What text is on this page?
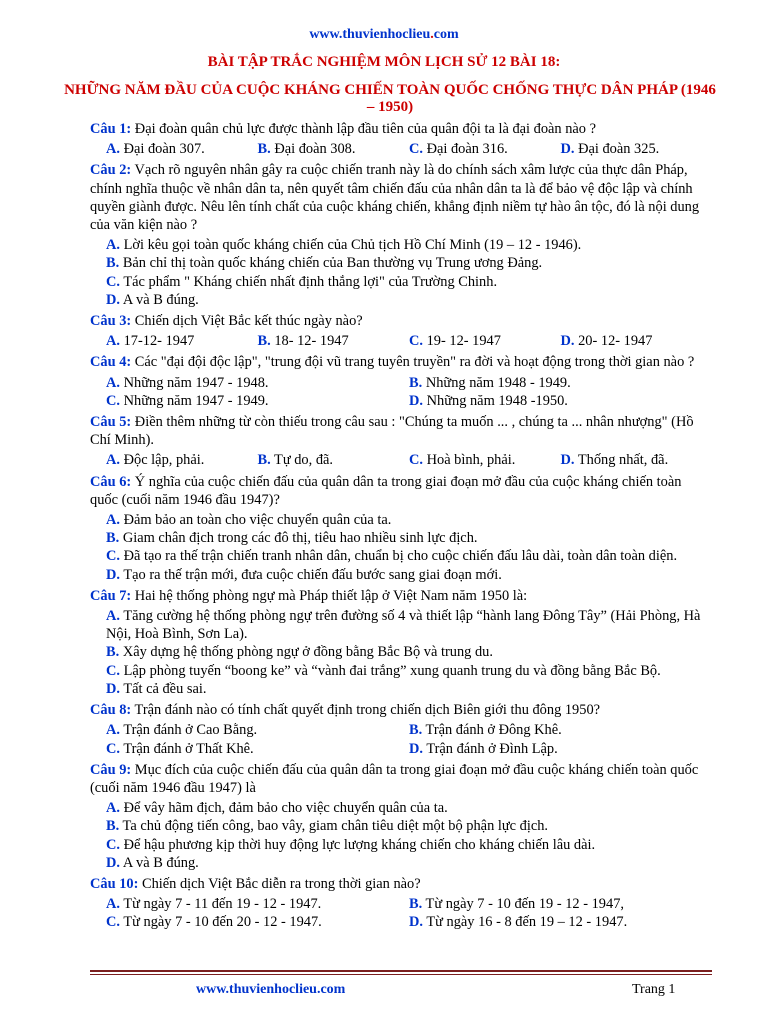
www.thuvienhoclieu.com
BÀI TẬP TRẮC NGHIỆM MÔN LỊCH SỬ 12 BÀI 18:
NHỮNG NĂM ĐẦU CỦA CUỘC KHÁNG CHIẾN TOÀN QUỐC CHỐNG THỰC DÂN PHÁP (1946 – 1950)
Câu 1: Đại đoàn quân chủ lực được thành lập đầu tiên của quân đội ta là đại đoàn nào ?
A. Đại đoàn 307.	B. Đại đoàn 308.	C. Đại đoàn 316.	D. Đại đoàn 325.
Câu 2: Vạch rõ nguyên nhân gây ra cuộc chiến tranh này là do chính sách xâm lược của thực dân Pháp, chính nghĩa thuộc về nhân dân ta, nên quyết tâm chiến đấu của nhân dân ta là để bảo vệ độc lập và chính quyền giành được. Nêu lên tính chất của cuộc kháng chiến, khẳng định niềm tự hào ân tộc, đó là nội dung của văn kiện nào ?
A. Lời kêu gọi toàn quốc kháng chiến của Chủ tịch Hồ Chí Minh (19 – 12 - 1946).
B. Bản chỉ thị toàn quốc kháng chiến của Ban thường vụ Trung ương Đảng.
C. Tác phẩm " Kháng chiến nhất định thắng lợi" của Trường Chinh.
D. A và B đúng.
Câu 3: Chiến dịch Việt Bắc kết thúc ngày nào?
A. 17-12- 1947	B. 18- 12- 1947	C. 19- 12- 1947	D. 20- 12- 1947
Câu 4: Các "đại đội độc lập", "trung đội vũ trang tuyên truyền" ra đời và hoạt động trong thời gian nào ?
A. Những năm 1947 - 1948.	B. Những năm 1948 - 1949.
C. Những năm 1947 - 1949.	D. Những năm 1948 -1950.
Câu 5: Điền thêm những từ còn thiếu trong câu sau : "Chúng ta muốn ... , chúng ta ... nhân nhượng" (Hồ Chí Minh).
A. Độc lập, phải.	B. Tự do, đã.	C. Hoà bình, phải.	D. Thống nhất, đã.
Câu 6: Ý nghĩa của cuộc chiến đấu của quân dân ta trong giai đoạn mở đầu của cuộc kháng chiến toàn quốc (cuối năm 1946 đầu 1947)?
A. Đảm bảo an toàn cho việc chuyển quân của ta.
B. Giam chân địch trong các đô thị, tiêu hao nhiều sinh lực địch.
C. Đã tạo ra thế trận chiến tranh nhân dân, chuẩn bị cho cuộc chiến đấu lâu dài, toàn dân toàn diện.
D. Tạo ra thế trận mới, đưa cuộc chiến đấu bước sang giai đoạn mới.
Câu 7: Hai hệ thống phòng ngự mà Pháp thiết lập ở Việt Nam năm 1950 là:
A. Tăng cường hệ thống phòng ngự trên đường số 4 và thiết lập “hành lang Đông Tây” (Hải Phòng, Hà Nội, Hoà Bình, Sơn La).
B. Xây dựng hệ thống phòng ngự ở đồng bằng Bắc Bộ và trung du.
C. Lập phòng tuyến “boong ke” và “vành đai trắng” xung quanh trung du và đồng bằng Bắc Bộ.
D. Tất cả đều sai.
Câu 8: Trận đánh nào có tính chất quyết định trong chiến dịch Biên giới thu đông 1950?
A. Trận đánh ở Cao Bằng.	B. Trận đánh ở Đông Khê.
C. Trận đánh ở Thất Khê.	D. Trận đánh ở Đình Lập.
Câu 9: Mục đích của cuộc chiến đấu của quân dân ta trong giai đoạn mở đầu cuộc kháng chiến toàn quốc (cuối năm 1946 đầu 1947) là
A. Để vây hãm địch, đảm bảo cho việc chuyển quân của ta.
B. Ta chủ động tiến công, bao vây, giam chân tiêu diệt một bộ phận lực địch.
C. Để hậu phương kịp thời huy động lực lượng kháng chiến cho kháng chiến lâu dài.
D. A và B đúng.
Câu 10: Chiến dịch Việt Bắc diễn ra trong thời gian nào?
A. Từ ngày 7 - 11 đến 19 - 12 - 1947.	B. Từ ngày 7 - 10 đến 19 - 12 - 1947,
C. Từ ngày 7 - 10 đến 20 - 12 - 1947.	D. Từ ngày 16 - 8 đến 19 – 12 - 1947.
www.thuvienhoclieu.com	Trang 1
